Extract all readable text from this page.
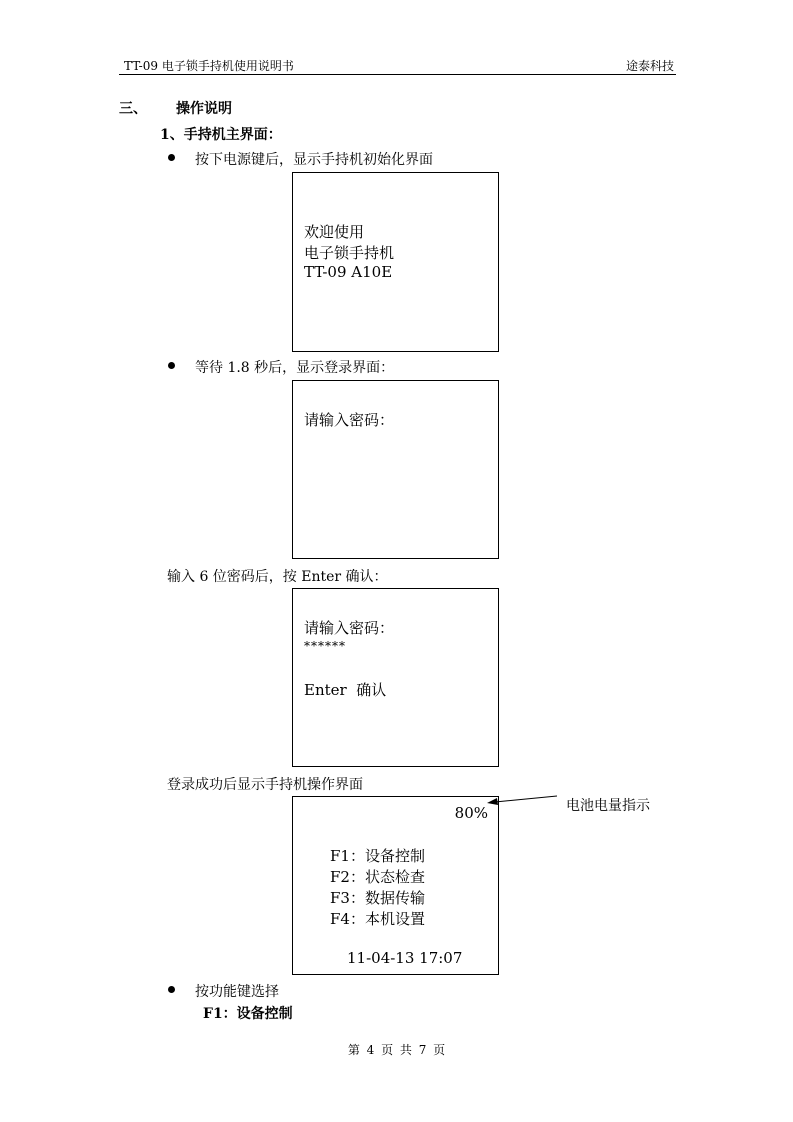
TT-09 电子锁手持机使用说明书	途泰科技
三、 操作说明
1、手持机主界面：
按下电源键后，显示手持机初始化界面
欢迎使用
电子锁手持机
TT-09 A10E
等待 1.8 秒后，显示登录界面：
请输入密码：
输入 6 位密码后，按 Enter 确认：
请输入密码：
******
Enter  确认
登录成功后显示手持机操作界面
80%
F1：设备控制
F2：状态检查
F3：数据传输
F4：本机设置
11-04-13 17:07
电池电量指示
按功能键选择
F1：设备控制
第 4 页 共 7 页
